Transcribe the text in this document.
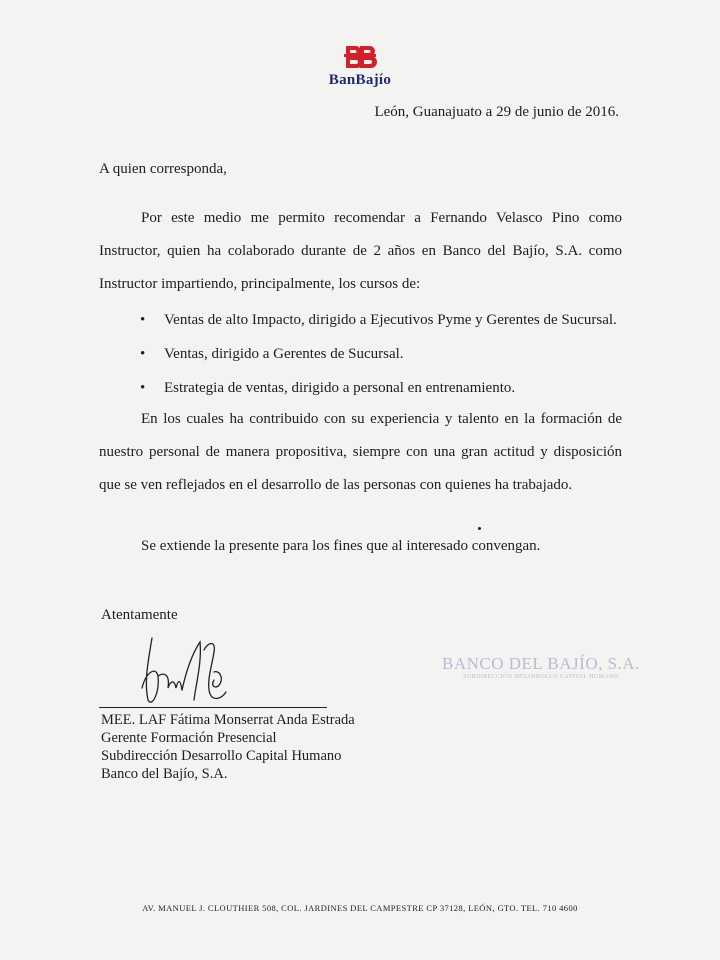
BanBajío
León, Guanajuato a 29 de junio de 2016.
A quien corresponda,
Por este medio me permito recomendar a Fernando Velasco Pino como Instructor, quien ha colaborado durante de 2 años en Banco del Bajío, S.A. como Instructor impartiendo, principalmente, los cursos de:
• Ventas de alto Impacto, dirigido a Ejecutivos Pyme y Gerentes de Sucursal.
• Ventas, dirigido a Gerentes de Sucursal.
• Estrategia de ventas, dirigido a personal en entrenamiento.
En los cuales ha contribuido con su experiencia y talento en la formación de nuestro personal de manera propositiva, siempre con una gran actitud y disposición que se ven reflejados en el desarrollo de las personas con quienes ha trabajado.
Se extiende la presente para los fines que al interesado convengan.
Atentamente
MEE. LAF Fátima Monserrat Anda Estrada
Gerente Formación Presencial
Subdirección Desarrollo Capital Humano
Banco del Bajío, S.A.
BANCO DEL BAJÍO, S.A.
SUBDIRECCIÓN DESARROLLO CAPITAL HUMANO
AV. MANUEL J. CLOUTHIER 508, COL. JARDINES DEL CAMPESTRE CP 37128, LEÓN, GTO. TEL. 710 4600
